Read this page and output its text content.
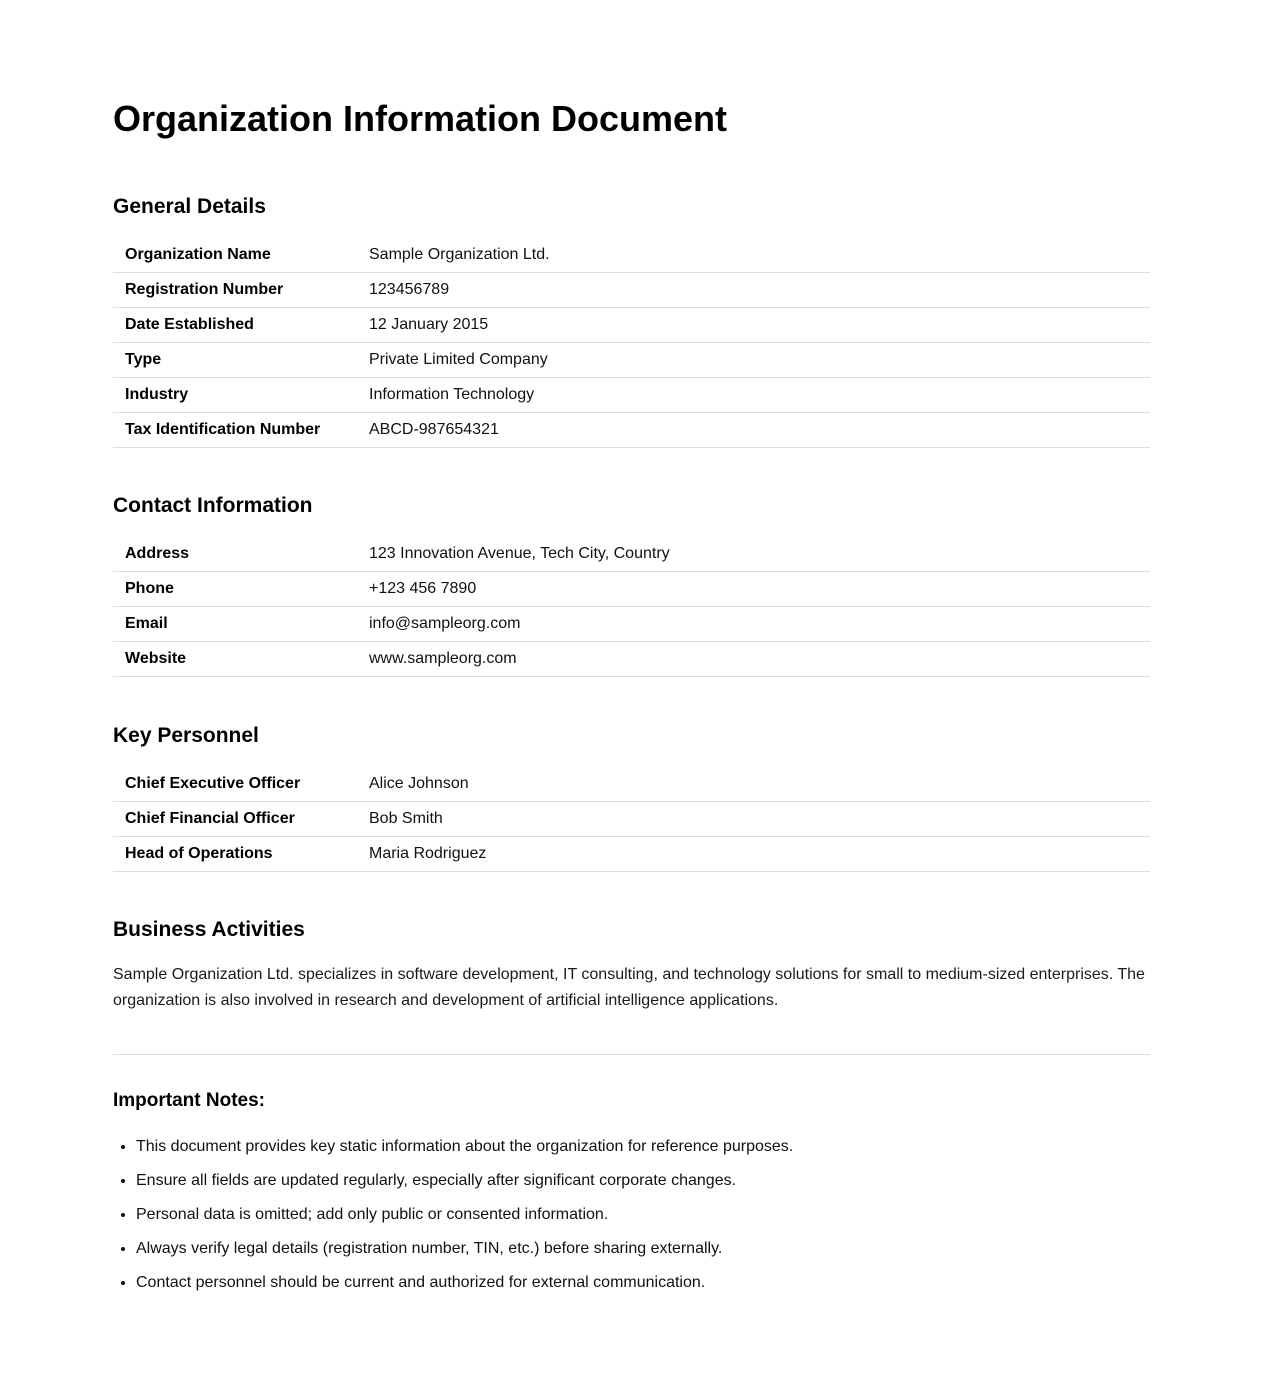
Organization Information Document
General Details
Organization Name	Sample Organization Ltd.
Registration Number	123456789
Date Established	12 January 2015
Type	Private Limited Company
Industry	Information Technology
Tax Identification Number	ABCD-987654321
Contact Information
Address	123 Innovation Avenue, Tech City, Country
Phone	+123 456 7890
Email	info@sampleorg.com
Website	www.sampleorg.com
Key Personnel
Chief Executive Officer	Alice Johnson
Chief Financial Officer	Bob Smith
Head of Operations	Maria Rodriguez
Business Activities

Sample Organization Ltd. specializes in software development, IT consulting, and technology solutions for small to medium-sized enterprises. The organization is also involved in research and development of artificial intelligence applications.

Important Notes:
• This document provides key static information about the organization for reference purposes.
• Ensure all fields are updated regularly, especially after significant corporate changes.
• Personal data is omitted; add only public or consented information.
• Always verify legal details (registration number, TIN, etc.) before sharing externally.
• Contact personnel should be current and authorized for external communication.
